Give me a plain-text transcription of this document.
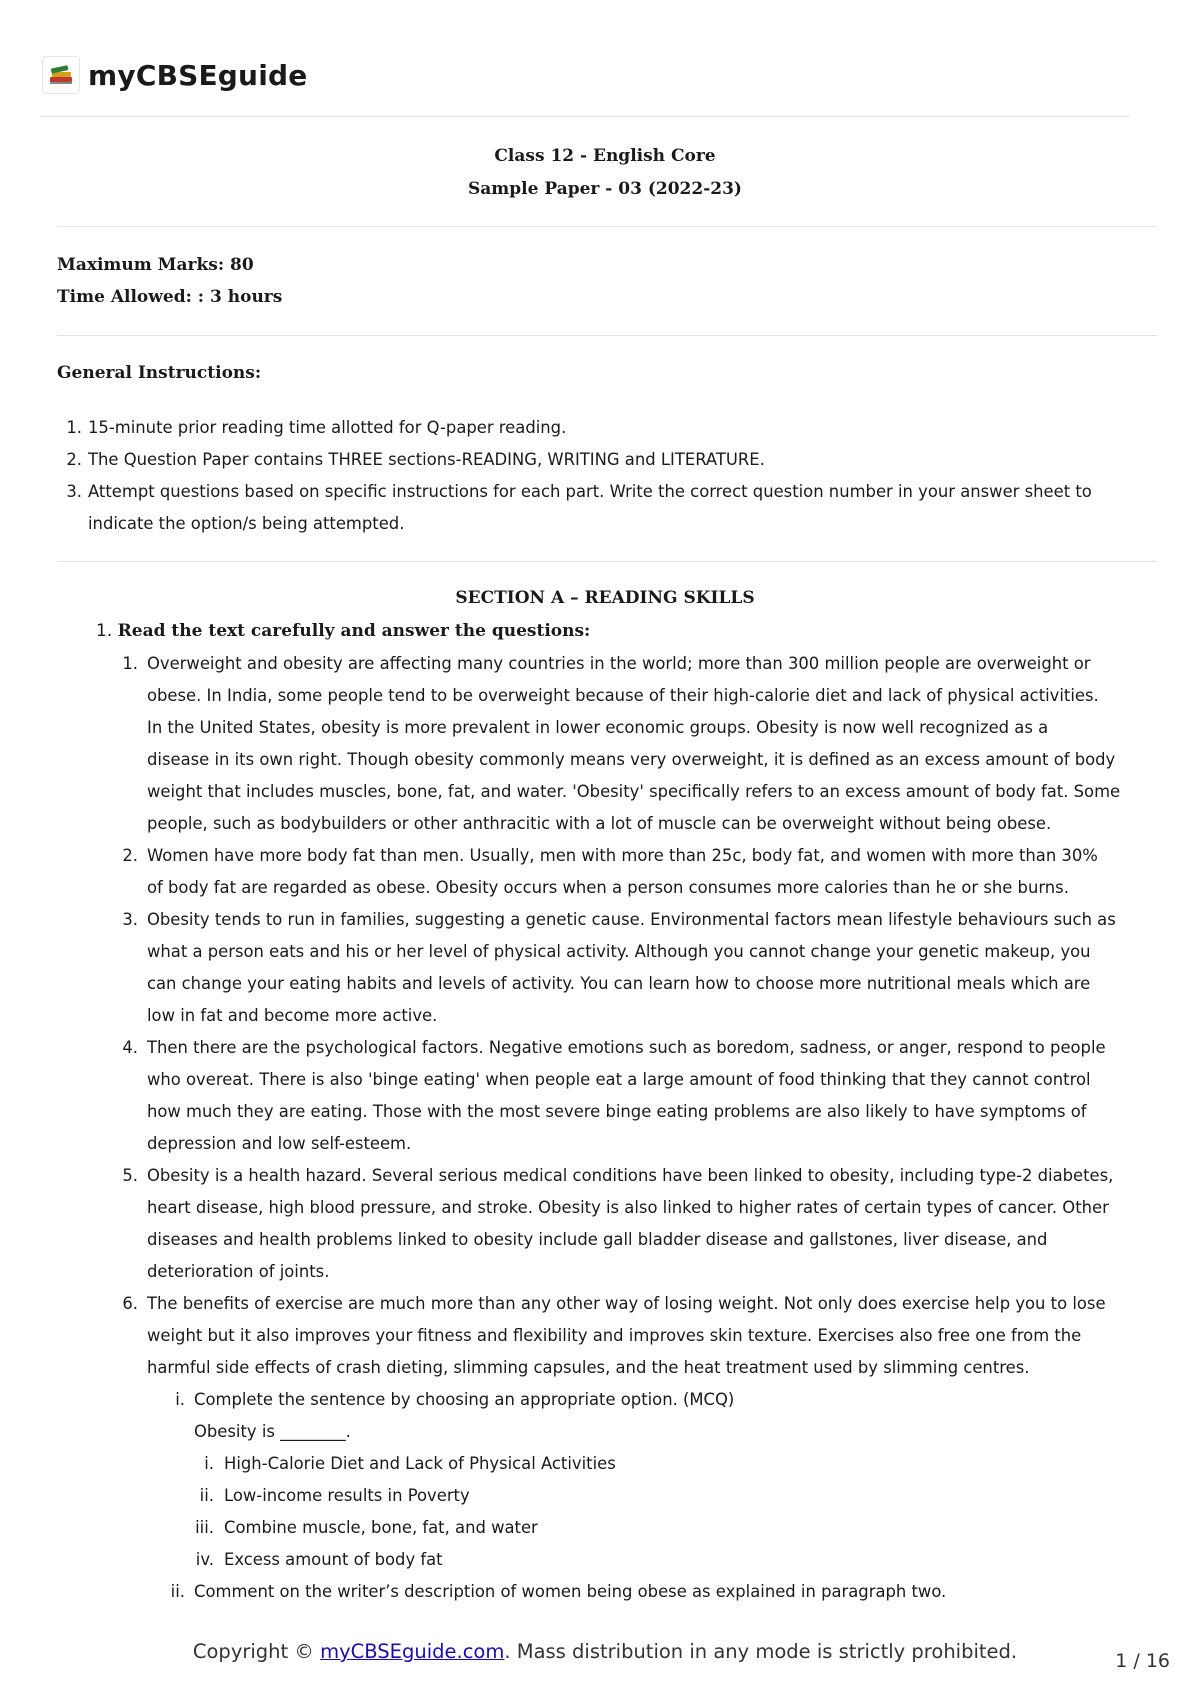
myCBSEguide
Class 12 - English Core
Sample Paper - 03 (2022-23)
Maximum Marks: 80
Time Allowed: : 3 hours
General Instructions:
1. 15-minute prior reading time allotted for Q-paper reading.
2. The Question Paper contains THREE sections-READING, WRITING and LITERATURE.
3. Attempt questions based on specific instructions for each part. Write the correct question number in your answer sheet to
indicate the option/s being attempted.
SECTION A – READING SKILLS
1. Read the text carefully and answer the questions:
1. Overweight and obesity are affecting many countries in the world; more than 300 million people are overweight or
obese. In India, some people tend to be overweight because of their high-calorie diet and lack of physical activities.
In the United States, obesity is more prevalent in lower economic groups. Obesity is now well recognized as a
disease in its own right. Though obesity commonly means very overweight, it is defined as an excess amount of body
weight that includes muscles, bone, fat, and water. 'Obesity' specifically refers to an excess amount of body fat. Some
people, such as bodybuilders or other anthracitic with a lot of muscle can be overweight without being obese.
2. Women have more body fat than men. Usually, men with more than 25c, body fat, and women with more than 30%
of body fat are regarded as obese. Obesity occurs when a person consumes more calories than he or she burns.
3. Obesity tends to run in families, suggesting a genetic cause. Environmental factors mean lifestyle behaviours such as
what a person eats and his or her level of physical activity. Although you cannot change your genetic makeup, you
can change your eating habits and levels of activity. You can learn how to choose more nutritional meals which are
low in fat and become more active.
4. Then there are the psychological factors. Negative emotions such as boredom, sadness, or anger, respond to people
who overeat. There is also 'binge eating' when people eat a large amount of food thinking that they cannot control
how much they are eating. Those with the most severe binge eating problems are also likely to have symptoms of
depression and low self-esteem.
5. Obesity is a health hazard. Several serious medical conditions have been linked to obesity, including type-2 diabetes,
heart disease, high blood pressure, and stroke. Obesity is also linked to higher rates of certain types of cancer. Other
diseases and health problems linked to obesity include gall bladder disease and gallstones, liver disease, and
deterioration of joints.
6. The benefits of exercise are much more than any other way of losing weight. Not only does exercise help you to lose
weight but it also improves your fitness and flexibility and improves skin texture. Exercises also free one from the
harmful side effects of crash dieting, slimming capsules, and the heat treatment used by slimming centres.
i. Complete the sentence by choosing an appropriate option. (MCQ)
Obesity is ________.
i. High-Calorie Diet and Lack of Physical Activities
ii. Low-income results in Poverty
iii. Combine muscle, bone, fat, and water
iv. Excess amount of body fat
ii. Comment on the writer’s description of women being obese as explained in paragraph two.
Copyright © myCBSEguide.com. Mass distribution in any mode is strictly prohibited.	1 / 16
